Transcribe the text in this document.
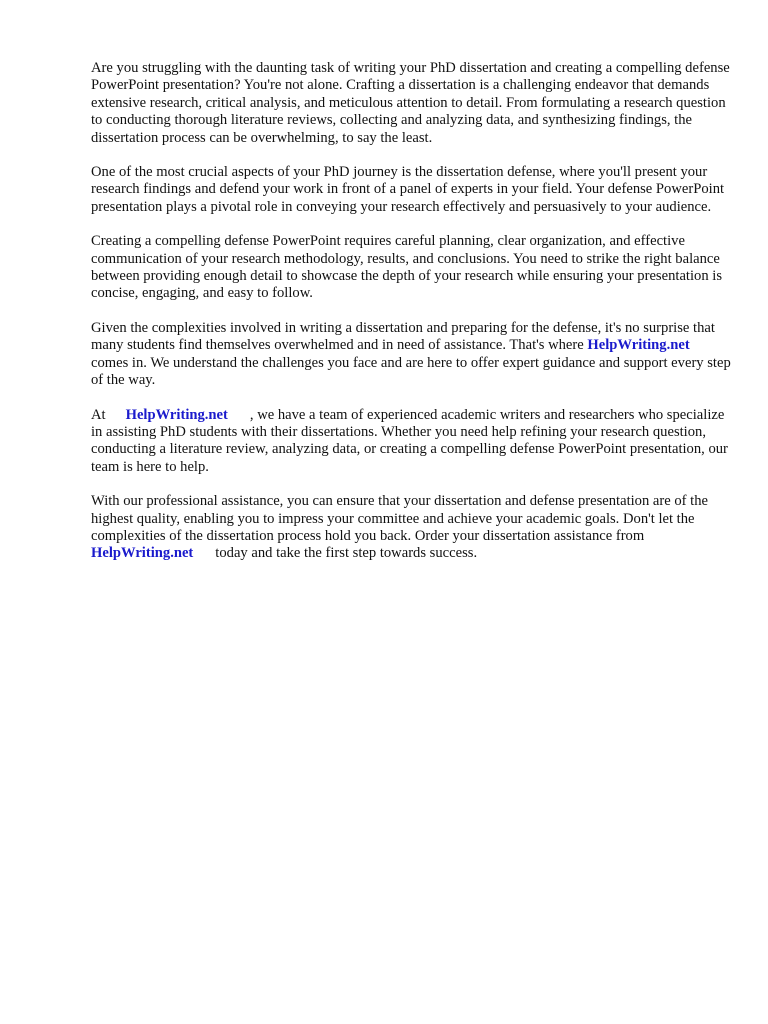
Are you struggling with the daunting task of writing your PhD dissertation and creating a compelling defense PowerPoint presentation? You're not alone. Crafting a dissertation is a challenging endeavor that demands extensive research, critical analysis, and meticulous attention to detail. From formulating a research question to conducting thorough literature reviews, collecting and analyzing data, and synthesizing findings, the dissertation process can be overwhelming, to say the least.

One of the most crucial aspects of your PhD journey is the dissertation defense, where you'll present your research findings and defend your work in front of a panel of experts in your field. Your defense PowerPoint presentation plays a pivotal role in conveying your research effectively and persuasively to your audience.

Creating a compelling defense PowerPoint requires careful planning, clear organization, and effective communication of your research methodology, results, and conclusions. You need to strike the right balance between providing enough detail to showcase the depth of your research while ensuring your presentation is concise, engaging, and easy to follow.

Given the complexities involved in writing a dissertation and preparing for the defense, it's no surprise that many students find themselves overwhelmed and in need of assistance. That's where HelpWriting.netcomes in. We understand the challenges you face and are here to offer expert guidance and support every step of the way.

At HelpWriting.net , we have a team of experienced academic writers and researchers who specialize in assisting PhD students with their dissertations. Whether you need help refining your research question, conducting a literature review, analyzing data, or creating a compelling defense PowerPoint presentation, our team is here to help.

With our professional assistance, you can ensure that your dissertation and defense presentation are of the highest quality, enabling you to impress your committee and achieve your academic goals. Don't let the complexities of the dissertation process hold you back. Order your dissertation assistance fromHelpWriting.net today and take the first step towards success.
